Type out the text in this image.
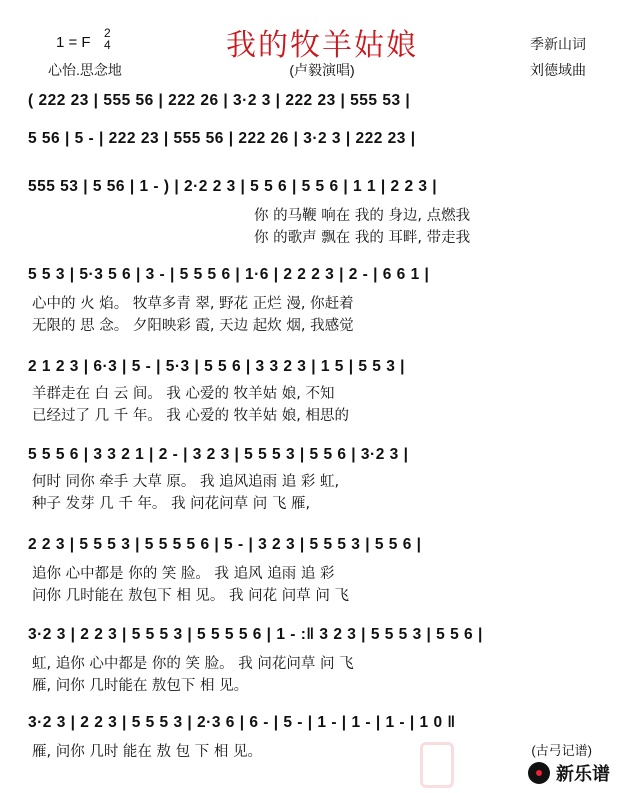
我的牧羊姑娘
1 = F
2
4
心怡.思念地	(卢毅演唱)
季新山词
刘德域曲
( 222 23 | 555 56 | 222 26 | 3·2 3 | 222 23 | 555 53 |
5 56 | 5 - | 222 23 | 555 56 | 222 26 | 3·2 3 | 222 23 |
555 53 | 5 56 | 1 - ) | 2·2 2 3 | 5 5 6 | 5 5 6 | 1 1 | 2 2 3 |
你 的马鞭 响在 我的 身边, 点燃我
你 的歌声 飘在 我的 耳畔, 带走我
5 5 3 | 5·3 5 6 | 3 - | 5 5 5 6 | 1·6 | 2 2 2 3 | 2 - | 6 6 1 |
心中的 火 焰。 牧草多青 翠, 野花 正烂 漫, 你赶着
无限的 思 念。 夕阳映彩 霞, 天边 起炊 烟, 我感觉
2 1 2 3 | 6·3 | 5 - | 5·3 | 5 5 6 | 3 3 2 3 | 1 5 | 5 5 3 |
羊群走在 白 云 间。 我 心爱的 牧羊姑 娘, 不知
已经过了 几 千 年。 我 心爱的 牧羊姑 娘, 相思的
5 5 5 6 | 3 3 2 1 | 2 - | 3 2 3 | 5 5 5 3 | 5 5 6 | 3·2 3 |
何时 同你 牵手 大草 原。 我 追风追雨 追 彩 虹,
种子 发芽 几 千 年。 我 问花问草 问 飞 雁,
2 2 3 | 5 5 5 3 | 5 5 5 5 6 | 5 - | 3 2 3 | 5 5 5 3 | 5 5 6 |
追你 心中都是 你的 笑 脸。 我 追风 追雨 追 彩
问你 几时能在 敖包下 相 见。 我 问花 问草 问 飞
3·2 3 | 2 2 3 | 5 5 5 3 | 5 5 5 5 6 | 1 - :‖ 3 2 3 | 5 5 5 3 | 5 5 6 |
虹, 追你 心中都是 你的 笑 脸。 我 问花问草 问 飞
雁, 问你 几时能在 敖包下 相 见。
3·2 3 | 2 2 3 | 5 5 5 3 | 2·3 6 | 6 - | 5 - | 1 - | 1 - | 1 - | 1 0 ‖
雁, 问你 几时 能在 敖 包 下 相 见。	(古弓记谱)
新乐谱
